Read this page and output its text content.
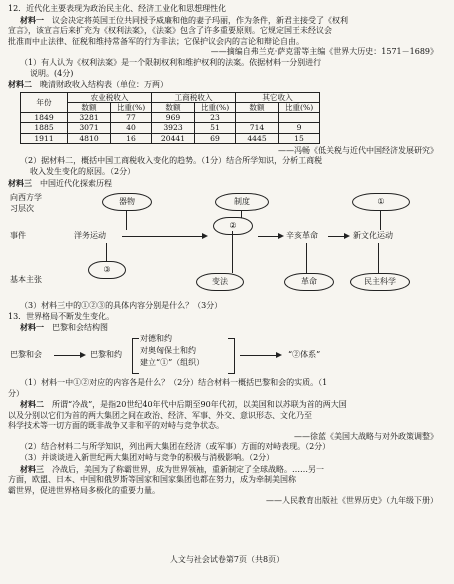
12．近代化主要表现为政治民主化、经济工业化和思想理性化

材料一　 议会决定将英国王位共同授予威廉和他的妻子玛丽，作为条件，新君主接受了《权利

宣言》，该宣言后来扩充为《权利法案》，《法案》包含了许多重要原则。它规定国王未经议会

批准而中止法律、征税和维持常备军的行为非法；它保护议会内的言论和辩论自由。

——摘编自弗兰克·萨克雷等主编《世界大历史：1571－1689》

（1）有人认为《权利法案》是一个限制权利和维护权利的法案。依据材料一分别进行

说明。(4分)

材料二　 晚清财政收入结构表（单位：万两）

年份	农业税收入		工商税收入		其它收入	
	数额	比重(%)	数额	比重(%)	数额	比重(%)
1849	3281	77	969	23		
1885	3071	40	3923	51	714	9
1911	4810	16	20441	69	4445	15

——冯畅《低关税与近代中国经济发展研究》

（2）据材料二，概括中国工商税收入变化的趋势。（1分）结合所学知识，分析工商税

收入发生变化的原因。（2分）

材料三　 中国近代化探索历程

向西方学
习层次
器物	制度	①
②
事件	洋务运动	辛亥革命	新文化运动
③
基本主张	变法	革命	民主科学

（3）材料三中的①②③的具体内容分别是什么？（3分）

13．世界格局不断发生变化。

材料一　 巴黎和会结构图

巴黎和会	巴黎和约
对德和约
对奥匈保土和约
建立“①”（组织）
“②体系”

（1）材料一中①②对应的内容各是什么？（2分）结合材料一概括巴黎和会的实质。（1

分）

材料二　 所谓“冷战”，是指20世纪40年代中后期至90年代初，以美国和以苏联为首的两大国

以及分别以它们为首的两大集团之间在政治、经济、军事、外交、意识形态、文化乃至

科学技术等一切方面的既非战争又非和平的对峙与竞争状态。

——徐蓝《美国大战略与对外政策调整》

（2）结合材料二与所学知识，列出两大集团在经济（或军事）方面的对峙表现。（2分）

（3）并谈谈进入新世纪两大集团对峙与竞争的积极与消极影响。（2分）

材料三　 冷战后，美国为了称霸世界，成为世界领袖，重新制定了全球战略。……另一

方面，欧盟、日本、中国和俄罗斯等国家和国家集团也都在努力，成为牵制美国称

霸世界，促进世界格局多极化的重要力量。

——人民教育出版社《世界历史》（九年级下册）

人文与社会试卷第7页（共8页）
